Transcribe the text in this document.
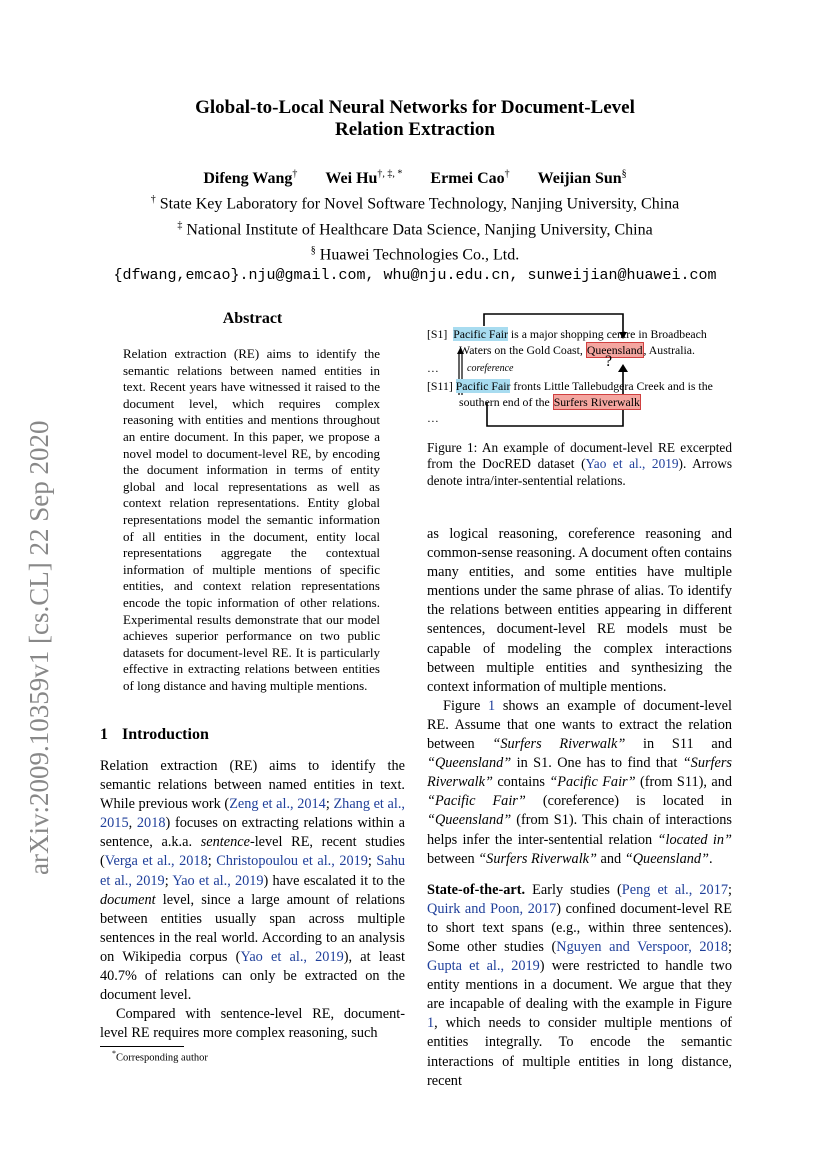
arXiv:2009.10359v1 [cs.CL] 22 Sep 2020
Global-to-Local Neural Networks for Document-Level
Relation Extraction
Difeng Wang† Wei Hu†, ‡, * Ermei Cao† Weijian Sun§
† State Key Laboratory for Novel Software Technology, Nanjing University, China
‡ National Institute of Healthcare Data Science, Nanjing University, China
§ Huawei Technologies Co., Ltd.
{dfwang,emcao}.nju@gmail.com, whu@nju.edu.cn, sunweijian@huawei.com
Abstract
Relation extraction (RE) aims to identify the semantic relations between named entities in text. Recent years have witnessed it raised to the document level, which requires complex reasoning with entities and mentions throughout an entire document. In this paper, we propose a novel model to document-level RE, by encoding the document information in terms of entity global and local representations as well as context relation representations. Entity global representations model the semantic information of all entities in the document, entity local representations aggregate the contextual information of multiple mentions of specific entities, and context relation representations encode the topic information of other relations. Experimental results demonstrate that our model achieves superior performance on two public datasets for document-level RE. It is particularly effective in extracting relations between entities of long distance and having multiple mentions.
1 Introduction

Relation extraction (RE) aims to identify the semantic relations between named entities in text. While previous work (Zeng et al., 2014; Zhang et al., 2015, 2018) focuses on extracting relations within a sentence, a.k.a. sentence-level RE, recent studies (Verga et al., 2018; Christopoulou et al., 2019; Sahu et al., 2019; Yao et al., 2019) have escalated it to the document level, since a large amount of relations between entities usually span across multiple sentences in the real world. According to an analysis on Wikipedia corpus (Yao et al., 2019), at least 40.7% of relations can only be extracted on the document level.

Compared with sentence-level RE, document-level RE requires more complex reasoning, such

*Corresponding author
[S1] Pacific Fair is a major shopping centre in Broadbeach
Waters on the Gold Coast, Queensland, Australia.
…	coreference	?
[S11] Pacific Fair fronts Little Tallebudgera Creek and is the
southern end of the Surfers Riverwalk
…
Figure 1: An example of document-level RE excerpted from the DocRED dataset (Yao et al., 2019). Arrows denote intra/inter-sentential relations.

as logical reasoning, coreference reasoning and common-sense reasoning. A document often contains many entities, and some entities have multiple mentions under the same phrase of alias. To identify the relations between entities appearing in different sentences, document-level RE models must be capable of modeling the complex interactions between multiple entities and synthesizing the context information of multiple mentions.

Figure 1 shows an example of document-level RE. Assume that one wants to extract the relation between “Surfers Riverwalk” in S11 and “Queensland” in S1. One has to find that “Surfers Riverwalk” contains “Pacific Fair” (from S11), and “Pacific Fair” (coreference) is located in “Queensland” (from S1). This chain of interactions helps infer the inter-sentential relation “located in” between “Surfers Riverwalk” and “Queensland”.

State-of-the-art. Early studies (Peng et al., 2017; Quirk and Poon, 2017) confined document-level RE to short text spans (e.g., within three sentences). Some other studies (Nguyen and Verspoor, 2018; Gupta et al., 2019) were restricted to handle two entity mentions in a document. We argue that they are incapable of dealing with the example in Figure 1, which needs to consider multiple mentions of entities integrally. To encode the semantic interactions of multiple entities in long distance, recent
